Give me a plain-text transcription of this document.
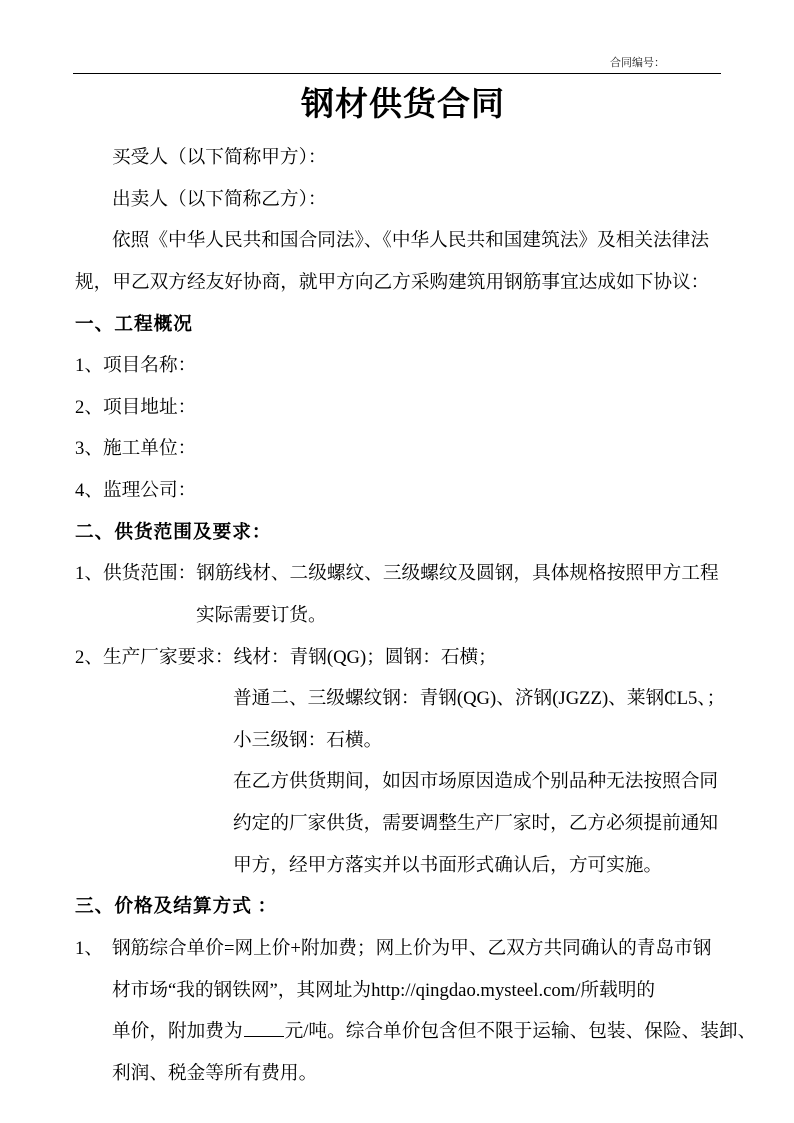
合同编号：
钢材供货合同
买受人（以下简称甲方）：
出卖人（以下简称乙方）：
依照《中华人民共和国合同法》、《中华人民共和国建筑法》及相关法律法
规，甲乙双方经友好协商，就甲方向乙方采购建筑用钢筋事宜达成如下协议：
一、工程概况
1、项目名称：
2、项目地址：
3、施工单位：
4、监理公司：
二、供货范围及要求：
1、供货范围：钢筋线材、二级螺纹、三级螺纹及圆钢，具体规格按照甲方工程
实际需要订货。
2、生产厂家要求：线材：青钢(QG)；圆钢：石横；
普通二、三级螺纹钢：青钢(QG)、济钢(JGZZ)、莱钢₵L5、；
小三级钢：石横。
在乙方供货期间，如因市场原因造成个别品种无法按照合同
约定的厂家供货，需要调整生产厂家时，乙方必须提前通知
甲方，经甲方落实并以书面形式确认后，方可实施。
三、价格及结算方式 ：
1、 钢筋综合单价=网上价+附加费；网上价为甲、乙双方共同确认的青岛市钢
材市场“我的钢铁网”，其网址为http://qingdao.mysteel.com/所载明的
单价，附加费为 元/吨。综合单价包含但不限于运输、包装、保险、装卸、
利润、税金等所有费用。
